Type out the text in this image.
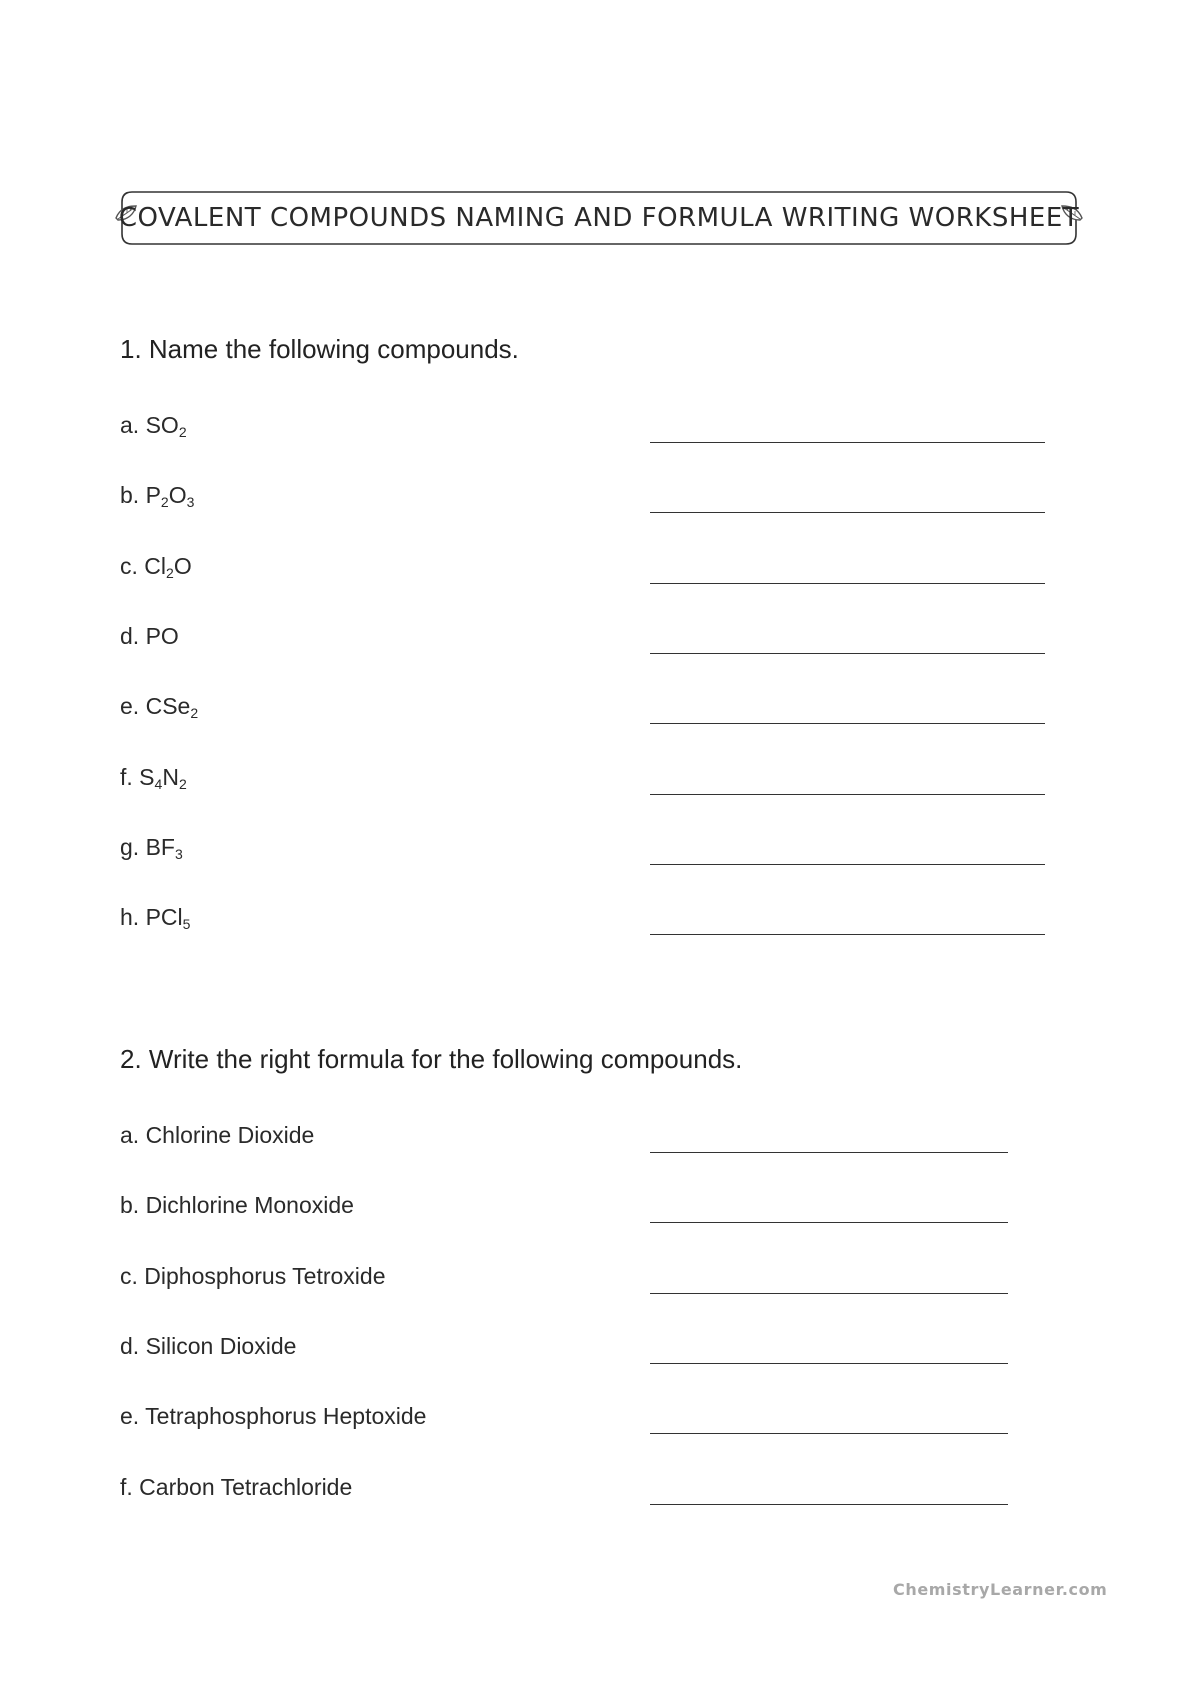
COVALENT COMPOUNDS NAMING AND FORMULA WRITING WORKSHEET
1. Name the following compounds.
a. $SO_2$
b. $P_2O_3$
c. $Cl_2O$
d. PO
e. CSe$_2$
f. $S_4N_2$
g. $BF_3$
h. PCl$_5$
2. Write the right formula for the following compounds.
a. Chlorine Dioxide
b. Dichlorine Monoxide
c. Diphosphorus Tetroxide
d. Silicon Dioxide
e. Tetraphosphorus Heptoxide
f. Carbon Tetrachloride
ChemistryLearner.com
